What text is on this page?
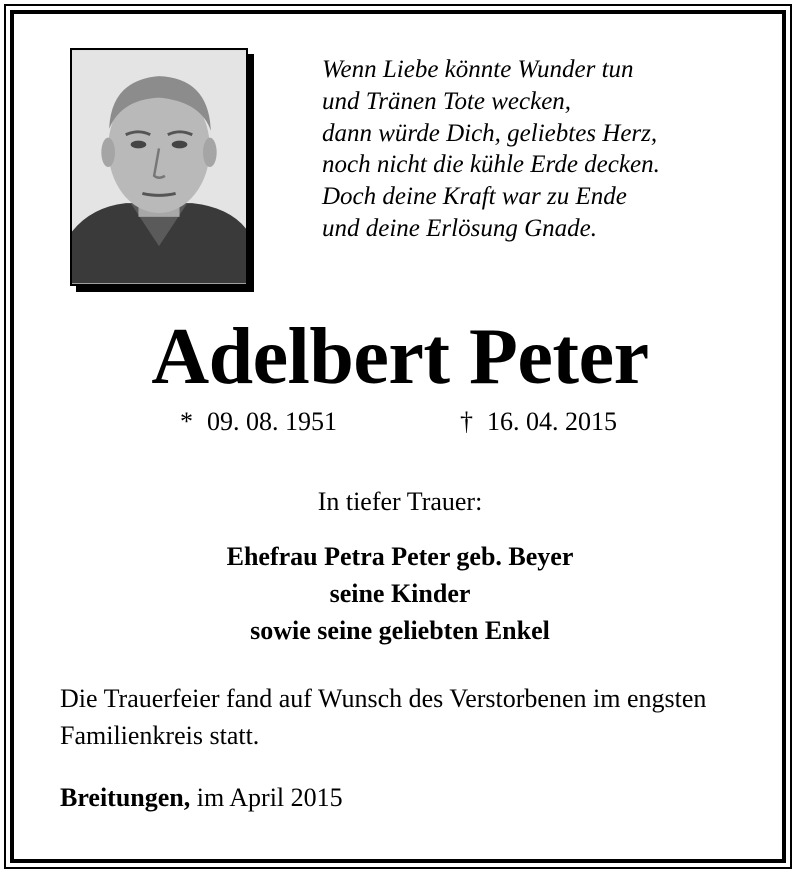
Wenn Liebe könnte Wunder tun
und Tränen Tote wecken,
dann würde Dich, geliebtes Herz,
noch nicht die kühle Erde decken.
Doch deine Kraft war zu Ende
und deine Erlösung Gnade.
Adelbert Peter
* 09. 08. 1951	† 16. 04. 2015
In tiefer Trauer:
Ehefrau Petra Peter geb. Beyer
seine Kinder
sowie seine geliebten Enkel
Die Trauerfeier fand auf Wunsch des Verstorbenen im engsten Familienkreis statt.
Breitungen, im April 2015
